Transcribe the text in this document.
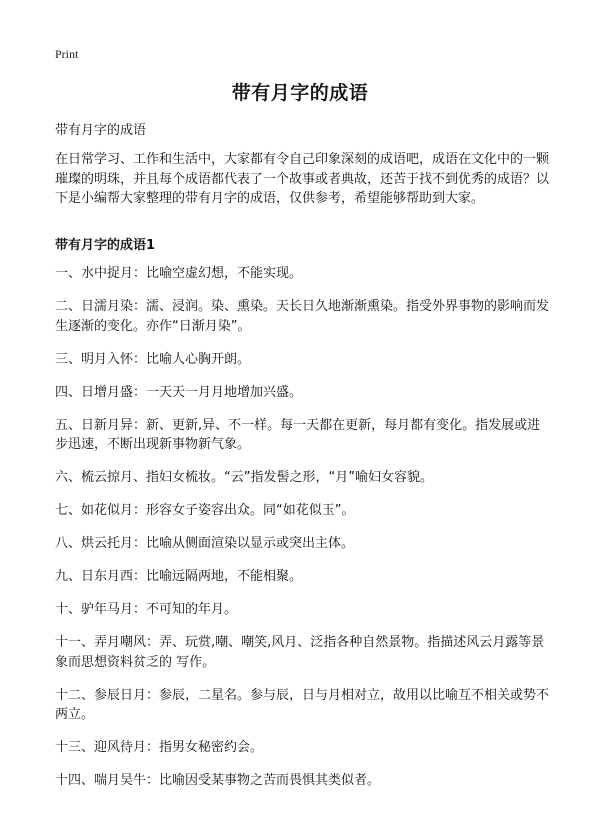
Print
带有月字的成语
带有月字的成语
在日常学习、工作和生活中，大家都有令自己印象深刻的成语吧，成语在文化中的一颗璀璨的明珠，并且每个成语都代表了一个故事或者典故，还苦于找不到优秀的成语？以下是小编帮大家整理的带有月字的成语，仅供参考，希望能够帮助到大家。
带有月字的成语1
一、水中捉月：比喻空虚幻想，不能实现。
二、日濡月染：濡、浸润。染、熏染。天长日久地渐渐熏染。指受外界事物的影响而发生逐渐的变化。亦作“日渐月染”。
三、明月入怀：比喻人心胸开朗。
四、日增月盛：一天天一月月地增加兴盛。
五、日新月异：新、更新,异、不一样。每一天都在更新，每月都有变化。指发展或进步迅速，不断出现新事物新气象。
六、梳云掠月、指妇女梳妆。“云”指发髻之形，“月”喻妇女容貌。
七、如花似月：形容女子姿容出众。同“如花似玉”。
八、烘云托月：比喻从侧面渲染以显示或突出主体。
九、日东月西：比喻远隔两地，不能相聚。
十、驴年马月：不可知的年月。
十一、弄月嘲风：弄、玩赏,嘲、嘲笑,风月、泛指各种自然景物。指描述风云月露等景象而思想资料贫乏的 写作。
十二、参辰日月：参辰，二星名。参与辰，日与月相对立，故用以比喻互不相关或势不两立。
十三、迎风待月：指男女秘密约会。
十四、喘月吴牛：比喻因受某事物之苦而畏惧其类似者。
